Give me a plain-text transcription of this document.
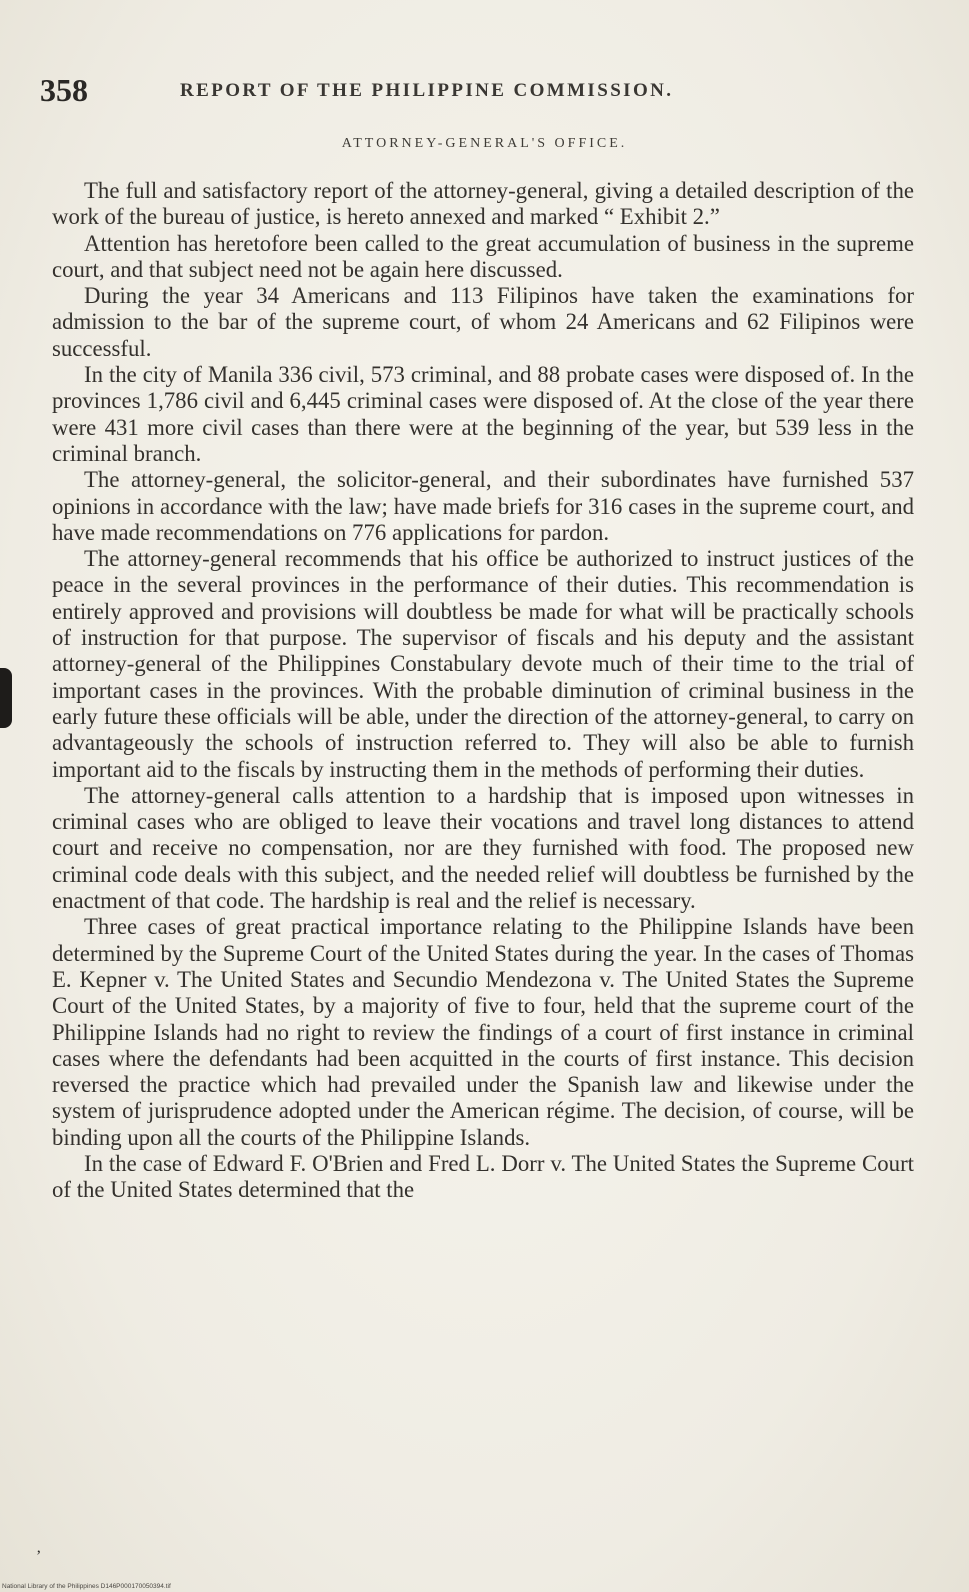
358	REPORT OF THE PHILIPPINE COMMISSION.
ATTORNEY-GENERAL'S OFFICE.

The full and satisfactory report of the attorney-general, giving a detailed description of the work of the bureau of justice, is hereto annexed and marked “ Exhibit 2.”

Attention has heretofore been called to the great accumulation of business in the supreme court, and that subject need not be again here discussed.

During the year 34 Americans and 113 Filipinos have taken the examinations for admission to the bar of the supreme court, of whom 24 Americans and 62 Filipinos were successful.

In the city of Manila 336 civil, 573 criminal, and 88 probate cases were disposed of. In the provinces 1,786 civil and 6,445 criminal cases were disposed of. At the close of the year there were 431 more civil cases than there were at the beginning of the year, but 539 less in the criminal branch.

The attorney-general, the solicitor-general, and their subordinates have furnished 537 opinions in accordance with the law; have made briefs for 316 cases in the supreme court, and have made recommendations on 776 applications for pardon.

The attorney-general recommends that his office be authorized to instruct justices of the peace in the several provinces in the performance of their duties. This recommendation is entirely approved and provisions will doubtless be made for what will be practically schools of instruction for that purpose. The supervisor of fiscals and his deputy and the assistant attorney-general of the Philippines Constabulary devote much of their time to the trial of important cases in the provinces. With the probable diminution of criminal business in the early future these officials will be able, under the direction of the attorney-general, to carry on advantageously the schools of instruction referred to. They will also be able to furnish important aid to the fiscals by instructing them in the methods of performing their duties.

The attorney-general calls attention to a hardship that is imposed upon witnesses in criminal cases who are obliged to leave their vocations and travel long distances to attend court and receive no compensation, nor are they furnished with food. The proposed new criminal code deals with this subject, and the needed relief will doubtless be furnished by the enactment of that code. The hardship is real and the relief is necessary.

Three cases of great practical importance relating to the Philippine Islands have been determined by the Supreme Court of the United States during the year. In the cases of Thomas E. Kepner v. The United States and Secundio Mendezona v. The United States the Supreme Court of the United States, by a majority of five to four, held that the supreme court of the Philippine Islands had no right to review the findings of a court of first instance in criminal cases where the defendants had been acquitted in the courts of first instance. This decision reversed the practice which had prevailed under the Spanish law and likewise under the system of jurisprudence adopted under the American régime. The decision, of course, will be binding upon all the courts of the Philippine Islands.

In the case of Edward F. O'Brien and Fred L. Dorr v. The United States the Supreme Court of the United States determined that the

’
National Library of the Philippines D146P000170050394.tif
